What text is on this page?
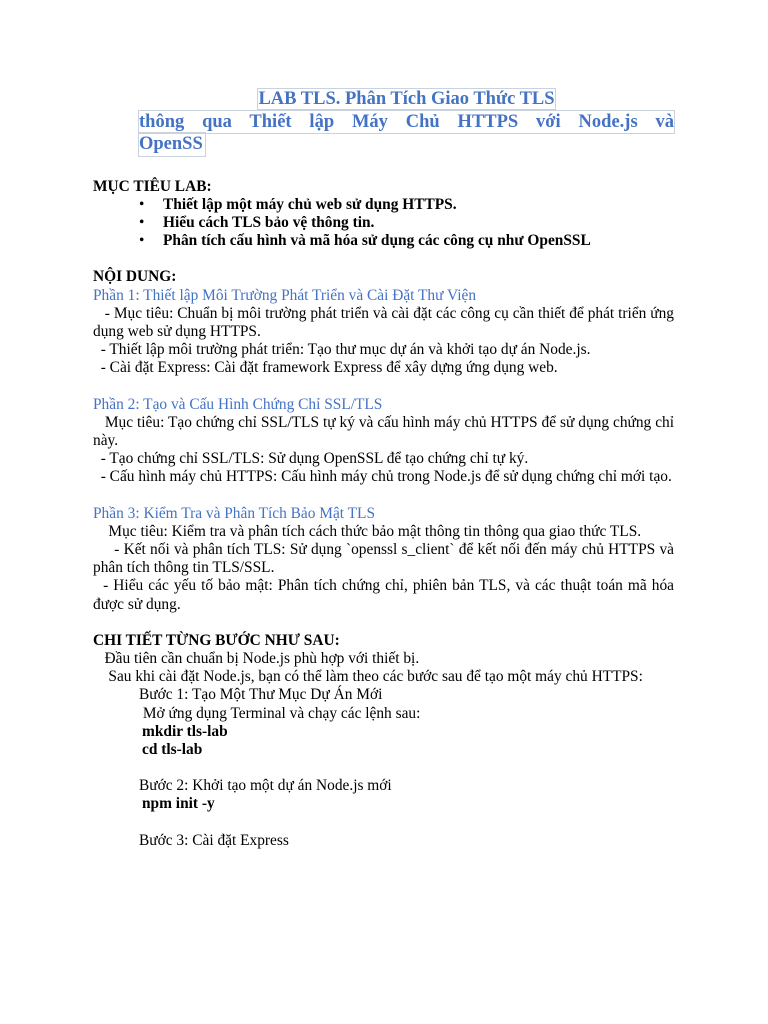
LAB TLS. Phân Tích Giao Thức TLS
thông qua Thiết lập Máy Chủ HTTPS với Node.js và
OpenSS
MỤC TIÊU LAB:
• Thiết lập một máy chủ web sử dụng HTTPS.
• Hiểu cách TLS bảo vệ thông tin.
• Phân tích cấu hình và mã hóa sử dụng các công cụ như OpenSSL
NỘI DUNG:
Phần 1: Thiết lập Môi Trường Phát Triển và Cài Đặt Thư Viện
- Mục tiêu: Chuẩn bị môi trường phát triển và cài đặt các công cụ cần thiết để phát triển ứng dụng web sử dụng HTTPS.
- Thiết lập môi trường phát triển: Tạo thư mục dự án và khởi tạo dự án Node.js.
- Cài đặt Express: Cài đặt framework Express để xây dựng ứng dụng web.
Phần 2: Tạo và Cấu Hình Chứng Chỉ SSL/TLS
Mục tiêu: Tạo chứng chỉ SSL/TLS tự ký và cấu hình máy chủ HTTPS để sử dụng chứng chỉ này.
- Tạo chứng chỉ SSL/TLS: Sử dụng OpenSSL để tạo chứng chỉ tự ký.
- Cấu hình máy chủ HTTPS: Cấu hình máy chủ trong Node.js để sử dụng chứng chỉ mới tạo.
Phần 3: Kiểm Tra và Phân Tích Bảo Mật TLS
Mục tiêu: Kiểm tra và phân tích cách thức bảo mật thông tin thông qua giao thức TLS.
- Kết nối và phân tích TLS: Sử dụng `openssl s_client` để kết nối đến máy chủ HTTPS và phân tích thông tin TLS/SSL.
- Hiểu các yếu tố bảo mật: Phân tích chứng chỉ, phiên bản TLS, và các thuật toán mã hóa được sử dụng.
CHI TIẾT TỪNG BƯỚC NHƯ SAU:
Đầu tiên cần chuẩn bị Node.js phù hợp với thiết bị.
Sau khi cài đặt Node.js, bạn có thể làm theo các bước sau để tạo một máy chủ HTTPS:
Bước 1: Tạo Một Thư Mục Dự Án Mới
Mở ứng dụng Terminal và chạy các lệnh sau:
mkdir tls-lab
cd tls-lab
Bước 2: Khởi tạo một dự án Node.js mới
npm init -y
Bước 3: Cài đặt Express
